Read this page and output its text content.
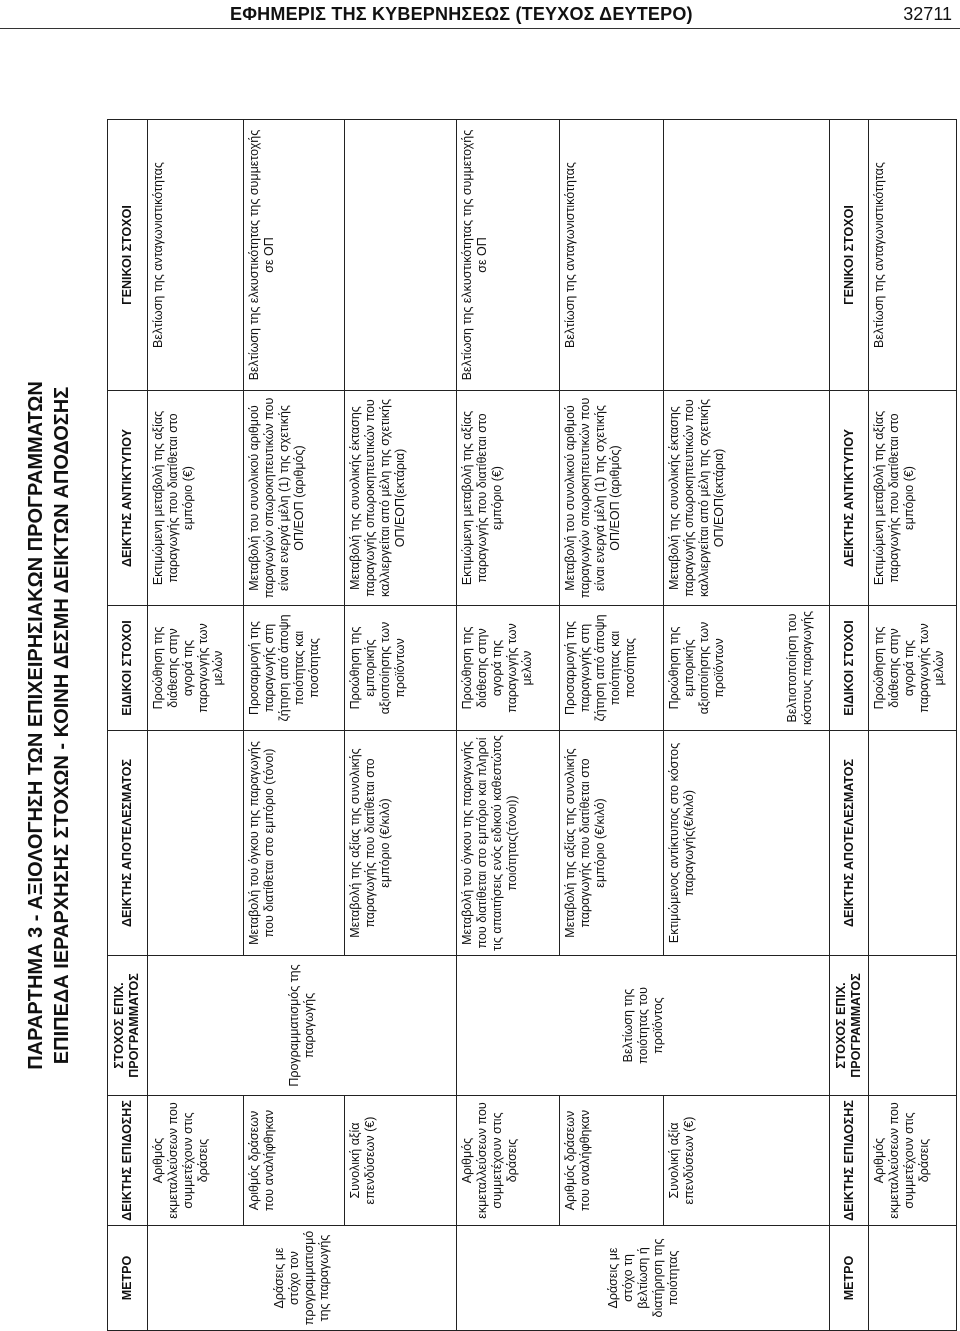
ΕΦΗΜΕΡΙΣ ΤΗΣ ΚΥΒΕΡΝΗΣΕΩΣ (ΤΕΥΧΟΣ ΔΕΥΤΕΡΟ)	32711
ΠΑΡΑΡΤΗΜΑ 3 - ΑΞΙΟΛΟΓΗΣΗ ΤΩΝ ΕΠΙΧΕΙΡΗΣΙΑΚΩΝ ΠΡΟΓΡΑΜΜΑΤΩΝ ΕΠΙΠΕΔΑ ΙΕΡΑΡΧΗΣΗΣ ΣΤΟΧΩΝ - ΚΟΙΝΗ ΔΕΣΜΗ ΔΕΙΚΤΩΝ ΑΠΟΔΟΣΗΣ
ΜΕΤΡΟ	ΔΕΙΚΤΗΣ ΕΠΙΔΟΣΗΣ	ΣΤΟΧΟΣ ΕΠΙΧ. ΠΡΟΓΡΑΜΜΑΤΟΣ	ΔΕΙΚΤΗΣ ΑΠΟΤΕΛΕΣΜΑΤΟΣ	ΕΙΔΙΚΟΙ ΣΤΟΧΟΙ	ΔΕΙΚΤΗΣ ΑΝΤΙΚΤΥΠΟΥ	ΓΕΝΙΚΟΙ ΣΤΟΧΟΙ
Δράσεις με στόχο τον προγραμματισμό της παραγωγής	Αριθμός εκμεταλλεύσεων που συμμετέχουν στις δράσεις	Προγραμματισμός της παραγωγής		Προώθηση της διάθεσης στην αγορά της παραγωγής των μελών	Εκτιμώμενη μεταβολή της αξίας παραγωγής που διατίθεται στο εμπόριο (€)	Βελτίωση της ανταγωνιστικότητας
	Αριθμός δράσεων που αναλήφθηκαν		Μεταβολή του όγκου της παραγωγής που διατίθεται στο εμπόριο (τόνοι)	Προσαρμογή της παραγωγής στη ζήτηση από άποψη ποιότητας και ποσότητας	Μεταβολή του συνολικού αριθμού παραγωγών οπωροκηπευτικών που είναι ενεργά μέλη (1) της σχετικής ΟΠ/ΕΟΠ (αριθμός)	Βελτίωση της ελκυστικότητας της συμμετοχής σε ΟΠ
	Συνολική αξία επενδύσεων (€)		Μεταβολή της αξίας της συνολικής παραγωγής που διατίθεται στο εμπόριο (€/κιλό)	Προώθηση της εμπορικής αξιοποίησης των προϊόντων	Μεταβολή της συνολικής έκτασης παραγωγής οπωροκηπευτικών που καλλιεργείται από μέλη της σχετικής ΟΠ/ΕΟΠ(εκτάρια)	
Δράσεις με στόχο τη βελτίωση ή διατήρηση της ποιότητας	Αριθμός εκμεταλλεύσεων που συμμετέχουν στις δράσεις	Βελτίωση της ποιότητας του προϊόντος	Μεταβολή του όγκου της παραγωγής που διατίθεται στο εμπόριο και πληροί τις απαιτήσεις ενός ειδικού καθεστώτος ποιότητας(τόνοι))	Προώθηση της διάθεσης στην αγορά της παραγωγής των μελών	Εκτιμώμενη μεταβολή της αξίας παραγωγής που διατίθεται στο εμπόριο (€)	Βελτίωση της ελκυστικότητας της συμμετοχής σε ΟΠ
	Αριθμός δράσεων που αναλήφθηκαν		Μεταβολή της αξίας της συνολικής παραγωγής που διατίθεται στο εμπόριο (€/κιλό)	Προσαρμογή της παραγωγής στη ζήτηση από άποψη ποιότητας και ποσότητας	Μεταβολή του συνολικού αριθμού παραγωγών οπωροκηπευτικών που είναι ενεργά μέλη (1) της σχετικής ΟΠ/ΕΟΠ (αριθμός)	Βελτίωση της ανταγωνιστικότητας
	Συνολική αξία επενδύσεων (€)		Εκτιμώμενος αντίκτυπος στο κόστος παραγωγής(€/κιλό)	Προώθηση της εμπορικής αξιοποίησης των προϊόντων Βελτιστοποίηση του κόστους παραγωγής	Μεταβολή της συνολικής έκτασης παραγωγής οπωροκηπευτικών που καλλιεργείται από μέλη της σχετικής ΟΠ/ΕΟΠ(εκτάρια)	
ΜΕΤΡΟ	ΔΕΙΚΤΗΣ ΕΠΙΔΟΣΗΣ	ΣΤΟΧΟΣ ΕΠΙΧ. ΠΡΟΓΡΑΜΜΑΤΟΣ	ΔΕΙΚΤΗΣ ΑΠΟΤΕΛΕΣΜΑΤΟΣ	ΕΙΔΙΚΟΙ ΣΤΟΧΟΙ	ΔΕΙΚΤΗΣ ΑΝΤΙΚΤΥΠΟΥ	ΓΕΝΙΚΟΙ ΣΤΟΧΟΙ
	Αριθμός εκμεταλλεύσεων που συμμετέχουν στις δράσεις			Προώθηση της διάθεσης στην αγορά της παραγωγής των μελών	Εκτιμώμενη μεταβολή της αξίας παραγωγής που διατίθεται στο εμπόριο (€)	Βελτίωση της ανταγωνιστικότητας
